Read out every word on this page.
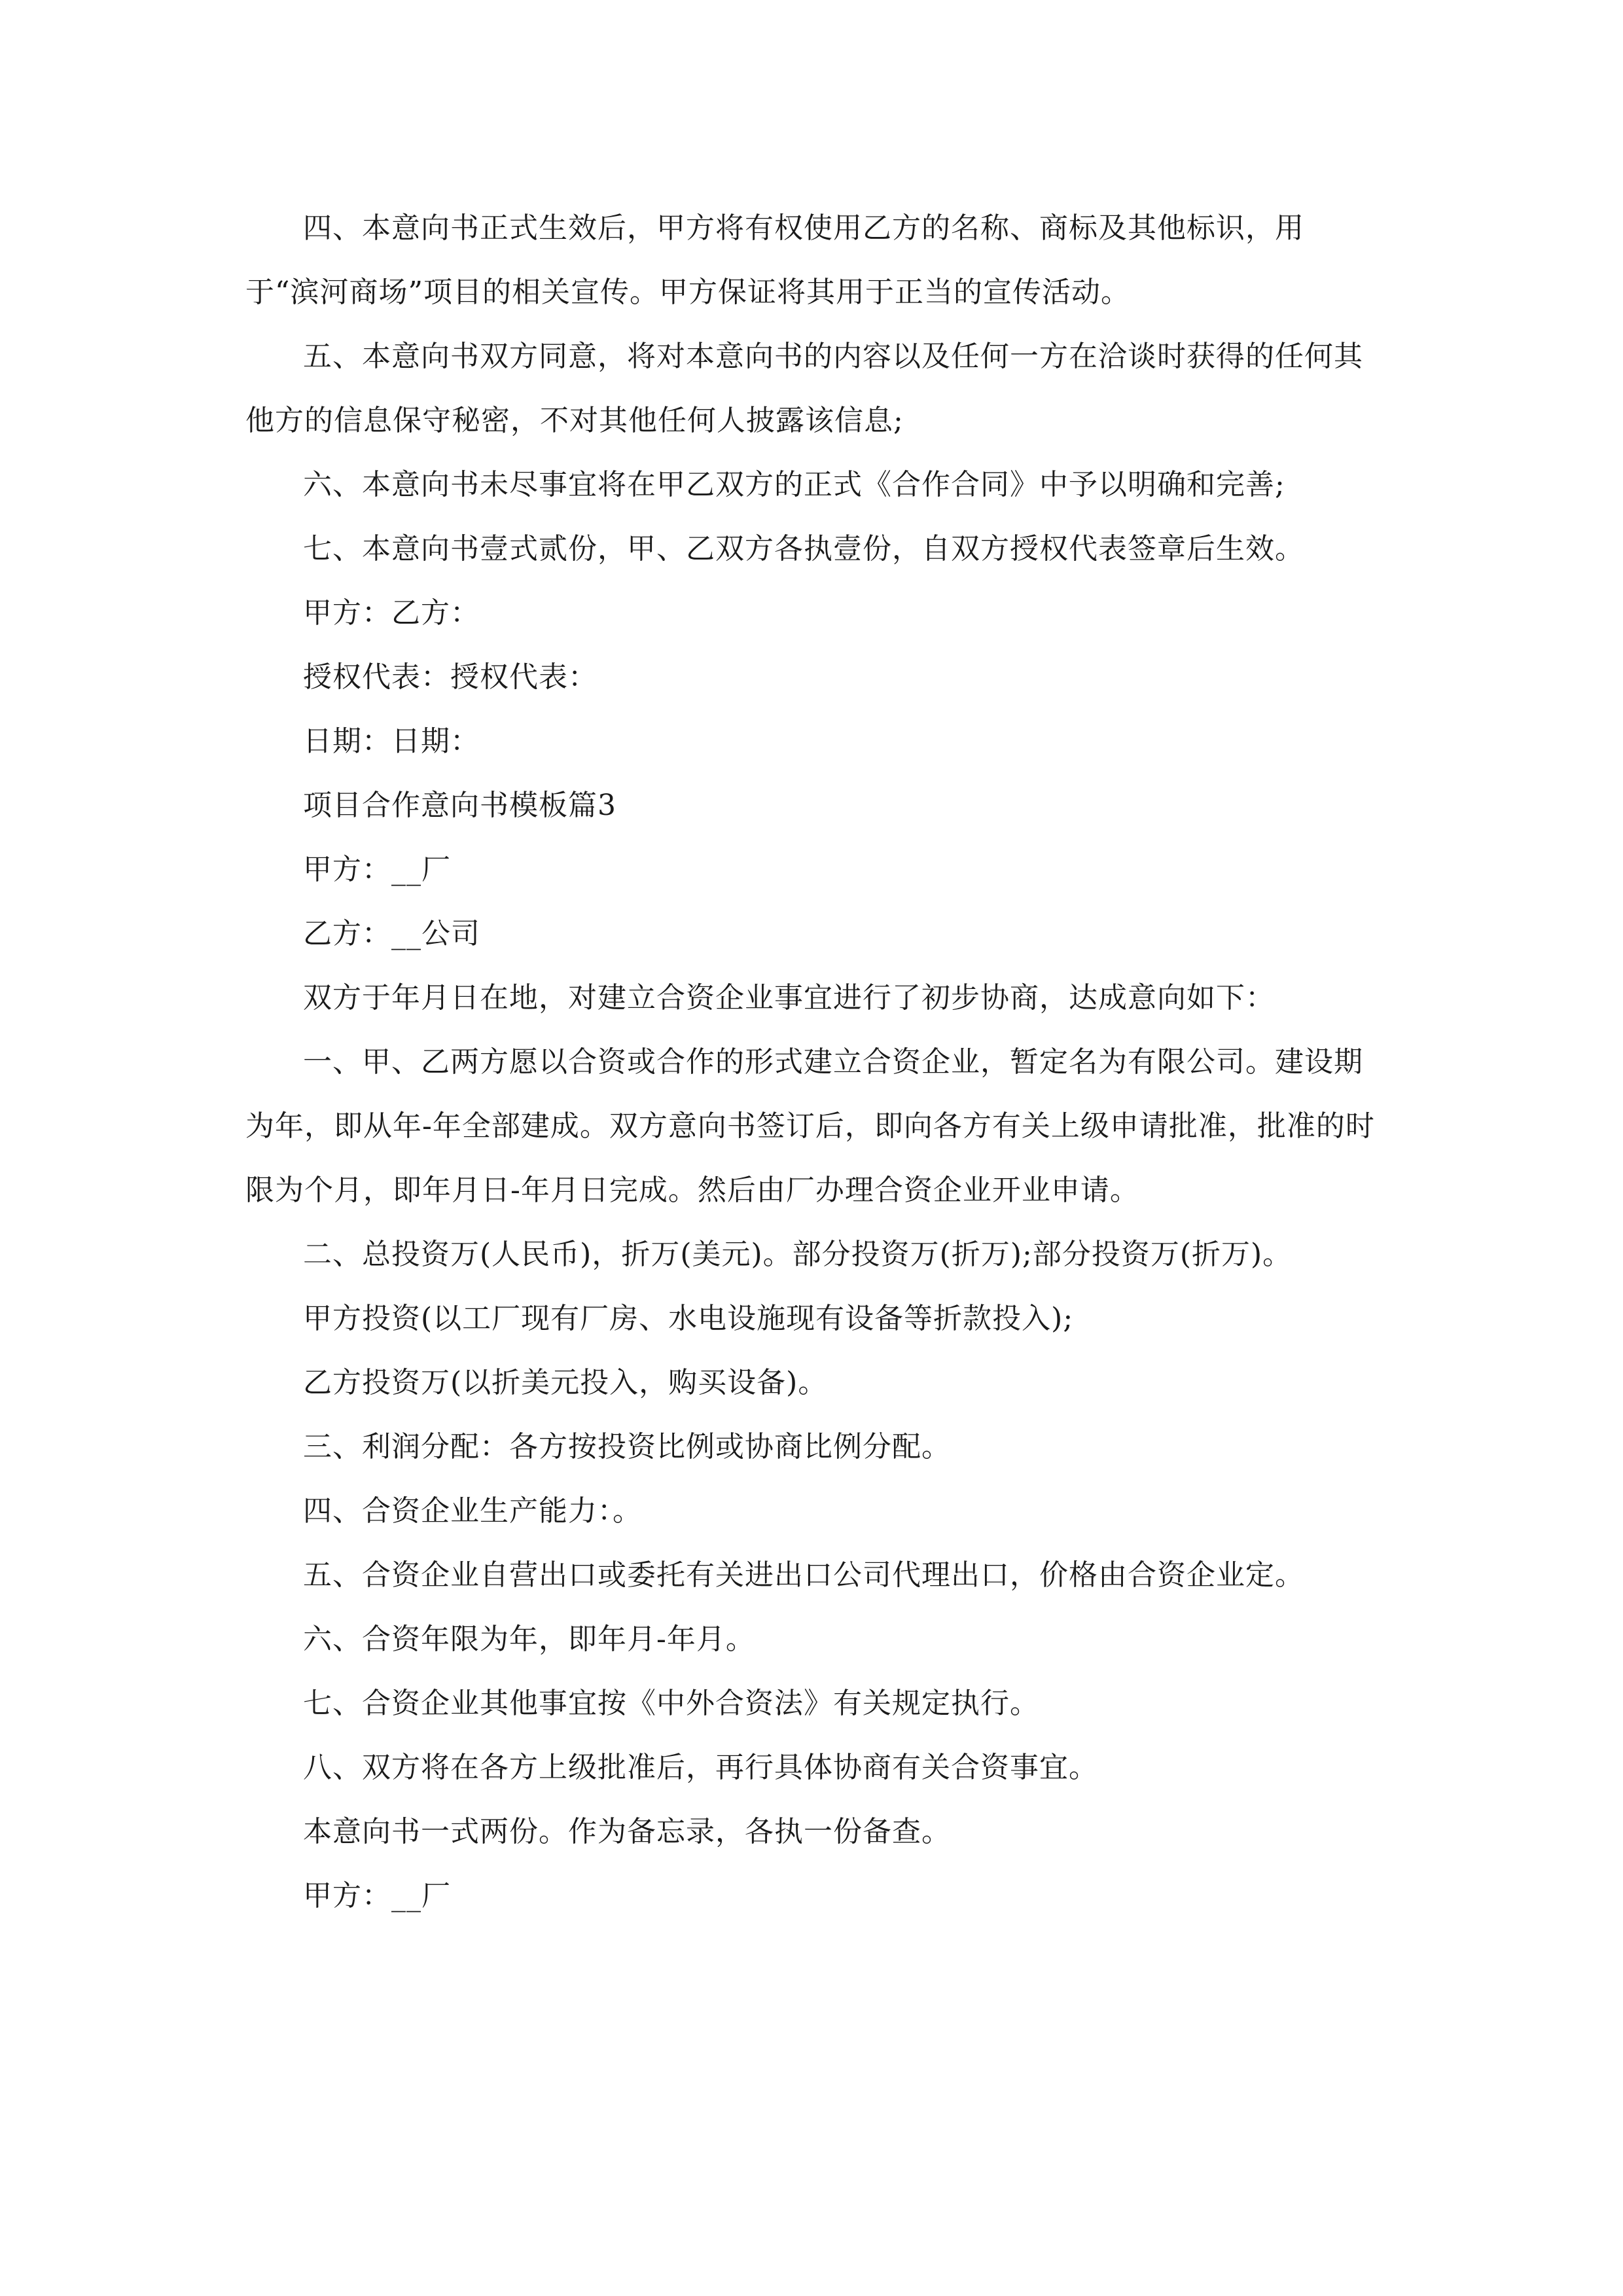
四、本意向书正式生效后，甲方将有权使用乙方的名称、商标及其他标识，用于“滨河商场”项目的相关宣传。甲方保证将其用于正当的宣传活动。

五、本意向书双方同意，将对本意向书的内容以及任何一方在洽谈时获得的任何其他方的信息保守秘密，不对其他任何人披露该信息;

六、本意向书未尽事宜将在甲乙双方的正式《合作合同》中予以明确和完善;

七、本意向书壹式贰份，甲、乙双方各执壹份，自双方授权代表签章后生效。

甲方：乙方：

授权代表：授权代表：

日期：日期：

项目合作意向书模板篇3

甲方：__厂

乙方：__公司

双方于年月日在地，对建立合资企业事宜进行了初步协商，达成意向如下：

一、甲、乙两方愿以合资或合作的形式建立合资企业，暂定名为有限公司。建设期为年，即从年-年全部建成。双方意向书签订后，即向各方有关上级申请批准，批准的时限为个月，即年月日-年月日完成。然后由厂办理合资企业开业申请。

二、总投资万(人民币)，折万(美元)。部分投资万(折万);部分投资万(折万)。

甲方投资(以工厂现有厂房、水电设施现有设备等折款投入);

乙方投资万(以折美元投入，购买设备)。

三、利润分配：各方按投资比例或协商比例分配。

四、合资企业生产能力：。

五、合资企业自营出口或委托有关进出口公司代理出口，价格由合资企业定。

六、合资年限为年，即年月-年月。

七、合资企业其他事宜按《中外合资法》有关规定执行。

八、双方将在各方上级批准后，再行具体协商有关合资事宜。

本意向书一式两份。作为备忘录，各执一份备查。

甲方：__厂
